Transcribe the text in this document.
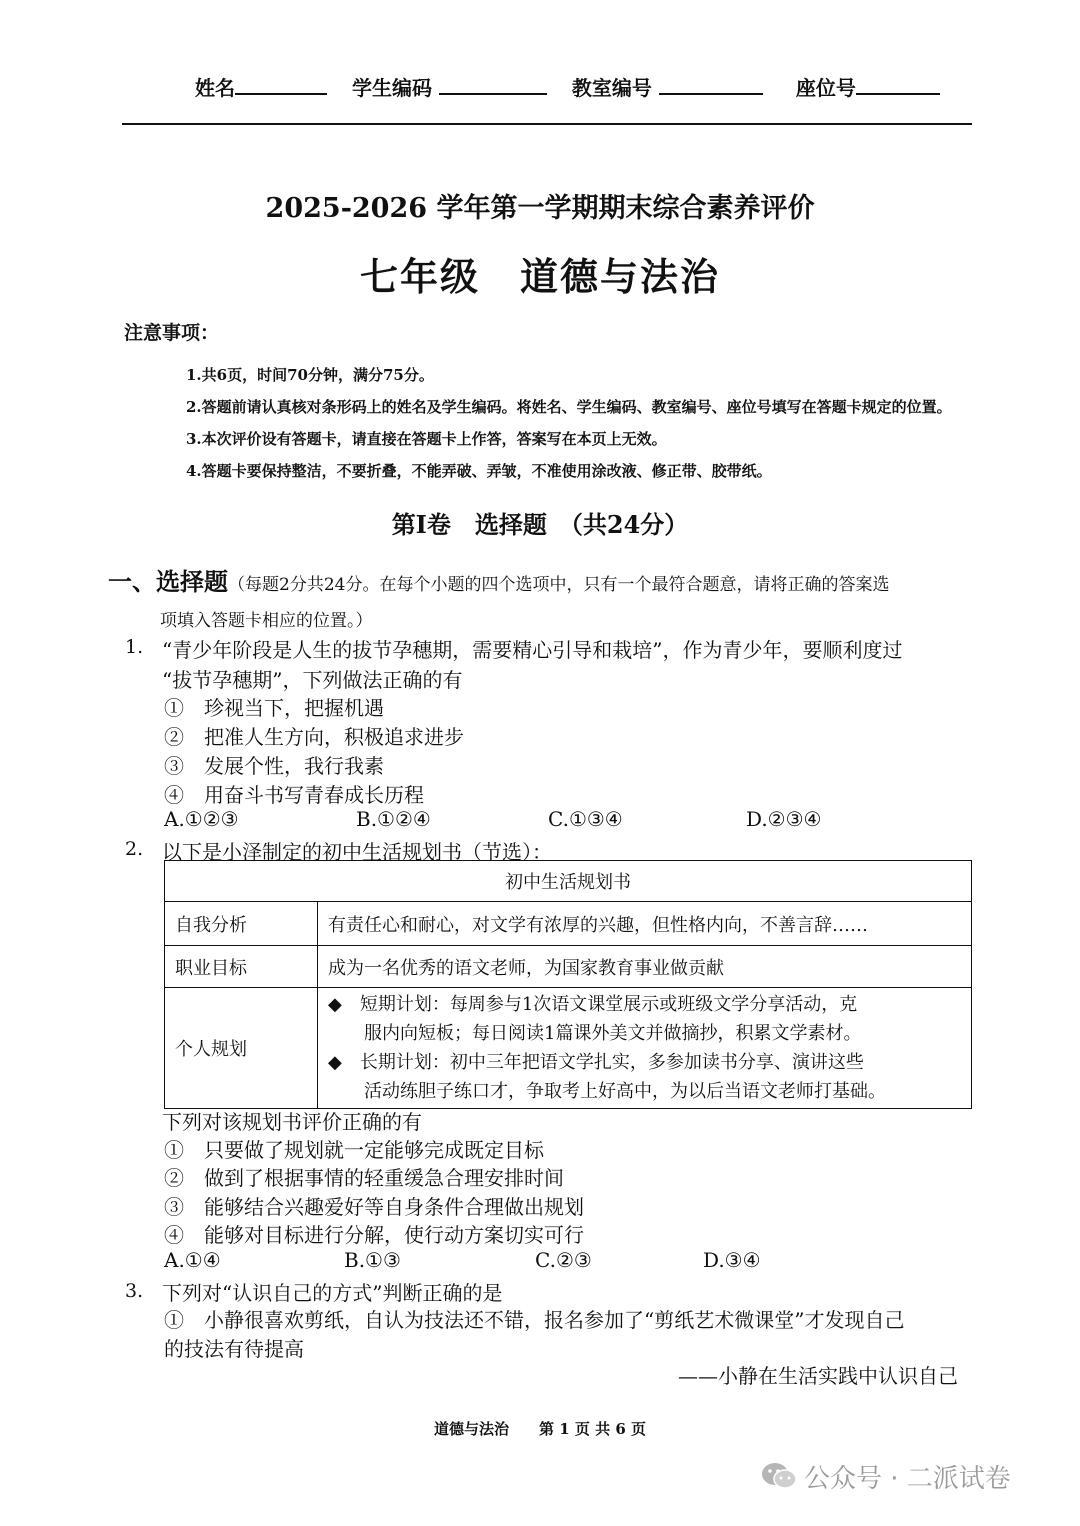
姓名	学生编码	教室编号	座位号
2025-2026 学年第一学期期末综合素养评价
七年级　道德与法治
注意事项：
1.共6页，时间70分钟，满分75分。
2.答题前请认真核对条形码上的姓名及学生编码。将姓名、学生编码、教室编号、座位号填写在答题卡规定的位置。
3.本次评价设有答题卡，请直接在答题卡上作答，答案写在本页上无效。
4.答题卡要保持整洁，不要折叠，不能弄破、弄皱，不准使用涂改液、修正带、胶带纸。
第Ⅰ卷　选择题　（共24分）
一、选择题（每题2分共24分。在每个小题的四个选项中，只有一个最符合题意，请将正确的答案选
项填入答题卡相应的位置。）
1. “青少年阶段是人生的拔节孕穗期，需要精心引导和栽培”，作为青少年，要顺利度过
“拔节孕穗期”，下列做法正确的有
①　珍视当下，把握机遇
②　把准人生方向，积极追求进步
③　发展个性，我行我素
④　用奋斗书写青春成长历程
A.①②③	B.①②④	C.①③④	D.②③④
2. 以下是小泽制定的初中生活规划书（节选）：
初中生活规划书	
自我分析	有责任心和耐心，对文学有浓厚的兴趣，但性格内向，不善言辞……
职业目标	成为一名优秀的语文老师，为国家教育事业做贡献
个人规划	◆　短期计划：每周参与1次语文课堂展示或班级文学分享活动，克
　　服内向短板；每日阅读1篇课外美文并做摘抄，积累文学素材。
◆　长期计划：初中三年把语文学扎实，多参加读书分享、演讲这些
　　活动练胆子练口才，争取考上好高中，为以后当语文老师打基础。
下列对该规划书评价正确的有
①　只要做了规划就一定能够完成既定目标
②　做到了根据事情的轻重缓急合理安排时间
③　能够结合兴趣爱好等自身条件合理做出规划
④　能够对目标进行分解，使行动方案切实可行
A.①④	B.①③	C.②③	D.③④
3. 下列对“认识自己的方式”判断正确的是
①　小静很喜欢剪纸，自认为技法还不错，报名参加了“剪纸艺术微课堂”才发现自己
的技法有待提高
——小静在生活实践中认识自己
道德与法治　　第 1 页 共 6 页
公众号 · 二派试卷
